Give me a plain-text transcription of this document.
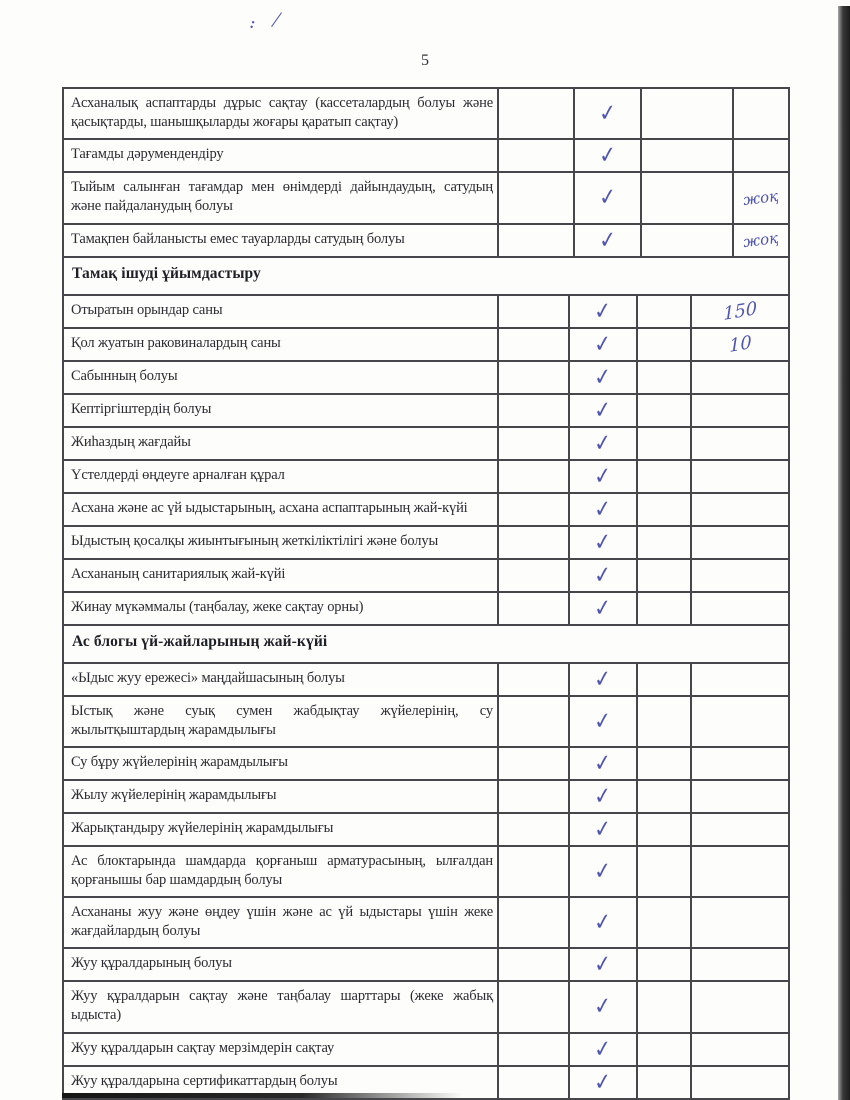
: /
5
Асханалық аспаптарды дұрыс сақтау (кассеталардың болуы және қасықтарды, шанышқыларды жоғары қаратып сақтау)	✓
Тағамды дәрумендендіру	✓
Тыйым салынған тағамдар мен өнімдерді дайындаудың, сатудың және пайдаланудың болуы	✓	жоқ
Тамақпен байланысты емес тауарларды сатудың болуы	✓	жоқ
Тамақ ішуді ұйымдастыру
Отыратын орындар саны	✓	150
Қол жуатын раковиналардың саны	✓	10
Сабынның болуы	✓
Кептіргіштердің болуы	✓
Жиһаздың жағдайы	✓
Үстелдерді өңдеуге арналған құрал	✓
Асхана және ас үй ыдыстарының, асхана аспаптарының жай-күйі	✓
Ыдыстың қосалқы жиынтығының жеткіліктілігі және болуы	✓
Асхананың санитариялық жай-күйі	✓
Жинау мүкәммалы (таңбалау, жеке сақтау орны)	✓
Ас блогы үй-жайларының жай-күйі
«Ыдыс жуу ережесі» маңдайшасының болуы	✓
Ыстық және суық сумен жабдықтау жүйелерінің, су жылытқыштардың жарамдылығы	✓
Су бұру жүйелерінің жарамдылығы	✓
Жылу жүйелерінің жарамдылығы	✓
Жарықтандыру жүйелерінің жарамдылығы	✓
Ас блоктарында шамдарда қорғаныш арматурасының, ылғалдан қорғанышы бар шамдардың болуы	✓
Асхананы жуу және өңдеу үшін және ас үй ыдыстары үшін жеке жағдайлардың болуы	✓
Жуу құралдарының болуы	✓
Жуу құралдарын сақтау және таңбалау шарттары (жеке жабық ыдыста)	✓
Жуу құралдарын сақтау мерзімдерін сақтау	✓
Жуу құралдарына сертификаттардың болуы	✓
